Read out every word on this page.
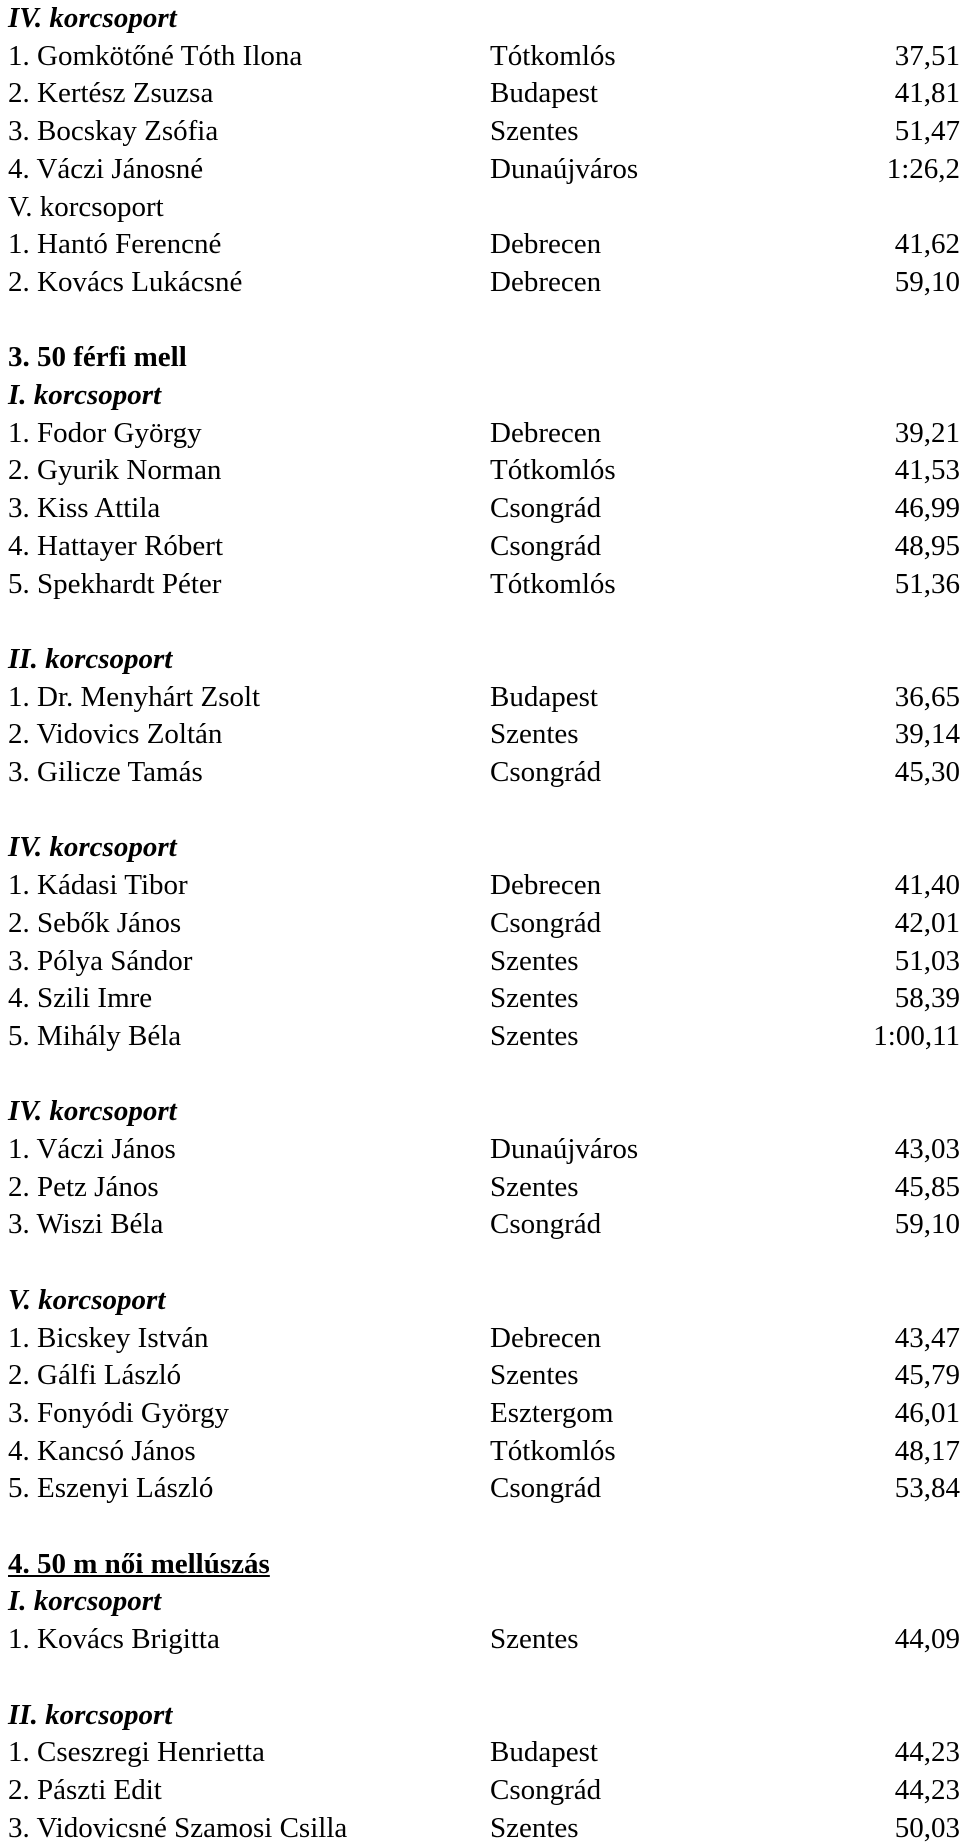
IV. korcsoport
1. Gomkötőné Tóth Ilona	Tótkomlós	37,51
2. Kertész Zsuzsa	Budapest	41,81
3. Bocskay Zsófia	Szentes	51,47
4. Váczi Jánosné	Dunaújváros	1:26,2
V. korcsoport
1. Hantó Ferencné	Debrecen	41,62
2. Kovács Lukácsné	Debrecen	59,10
3. 50 férfi mell
I. korcsoport
1. Fodor György	Debrecen	39,21
2. Gyurik Norman	Tótkomlós	41,53
3. Kiss Attila	Csongrád	46,99
4. Hattayer Róbert	Csongrád	48,95
5. Spekhardt Péter	Tótkomlós	51,36
II. korcsoport
1. Dr. Menyhárt Zsolt	Budapest	36,65
2. Vidovics Zoltán	Szentes	39,14
3. Gilicze Tamás	Csongrád	45,30
IV. korcsoport
1. Kádasi Tibor	Debrecen	41,40
2. Sebők János	Csongrád	42,01
3. Pólya Sándor	Szentes	51,03
4. Szili Imre	Szentes	58,39
5. Mihály Béla	Szentes	1:00,11
IV. korcsoport
1. Váczi János	Dunaújváros	43,03
2. Petz János	Szentes	45,85
3. Wiszi Béla	Csongrád	59,10
V. korcsoport
1. Bicskey István	Debrecen	43,47
2. Gálfi László	Szentes	45,79
3. Fonyódi György	Esztergom	46,01
4. Kancsó János	Tótkomlós	48,17
5. Eszenyi László	Csongrád	53,84
4. 50 m női mellúszás
I. korcsoport
1. Kovács Brigitta	Szentes	44,09
II. korcsoport
1. Cseszregi Henrietta	Budapest	44,23
2. Pászti Edit	Csongrád	44,23
3. Vidovicsné Szamosi Csilla	Szentes	50,03
